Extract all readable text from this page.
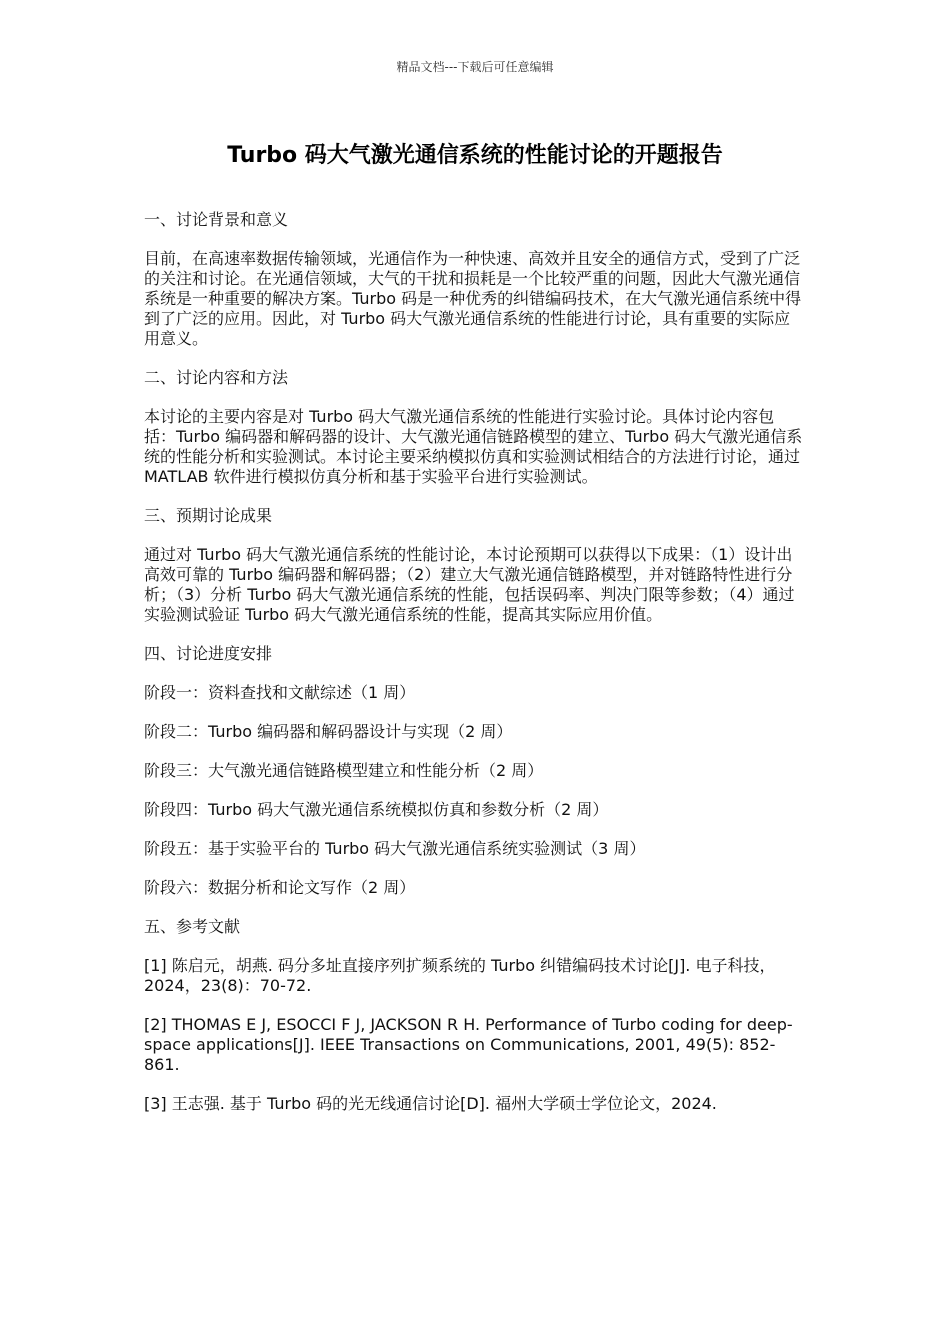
精品文档---下载后可任意编辑
Turbo 码大气激光通信系统的性能讨论的开题报告

一、讨论背景和意义

目前，在高速率数据传输领域，光通信作为一种快速、高效并且安全的通信方式，受到了广泛的关注和讨论。在光通信领域，大气的干扰和损耗是一个比较严重的问题，因此大气激光通信系统是一种重要的解决方案。Turbo 码是一种优秀的纠错编码技术，在大气激光通信系统中得到了广泛的应用。因此，对 Turbo 码大气激光通信系统的性能进行讨论，具有重要的实际应用意义。

二、讨论内容和方法

本讨论的主要内容是对 Turbo 码大气激光通信系统的性能进行实验讨论。具体讨论内容包括：Turbo 编码器和解码器的设计、大气激光通信链路模型的建立、Turbo 码大气激光通信系统的性能分析和实验测试。本讨论主要采纳模拟仿真和实验测试相结合的方法进行讨论，通过 MATLAB 软件进行模拟仿真分析和基于实验平台进行实验测试。

三、预期讨论成果

通过对 Turbo 码大气激光通信系统的性能讨论，本讨论预期可以获得以下成果：（1）设计出高效可靠的 Turbo 编码器和解码器；（2）建立大气激光通信链路模型，并对链路特性进行分析；（3）分析 Turbo 码大气激光通信系统的性能，包括误码率、判决门限等参数；（4）通过实验测试验证 Turbo 码大气激光通信系统的性能，提高其实际应用价值。

四、讨论进度安排

阶段一：资料查找和文献综述（1 周）

阶段二：Turbo 编码器和解码器设计与实现（2 周）

阶段三：大气激光通信链路模型建立和性能分析（2 周）

阶段四：Turbo 码大气激光通信系统模拟仿真和参数分析（2 周）

阶段五：基于实验平台的 Turbo 码大气激光通信系统实验测试（3 周）

阶段六：数据分析和论文写作（2 周）

五、参考文献

[1] 陈启元，胡燕. 码分多址直接序列扩频系统的 Turbo 纠错编码技术讨论[J]. 电子科技，2024，23(8)：70-72.

[2] THOMAS E J, ESOCCI F J, JACKSON R H. Performance of Turbo coding for deep-space applications[J]. IEEE Transactions on Communications, 2001, 49(5): 852-861.

[3] 王志强. 基于 Turbo 码的光无线通信讨论[D]. 福州大学硕士学位论文，2024.
